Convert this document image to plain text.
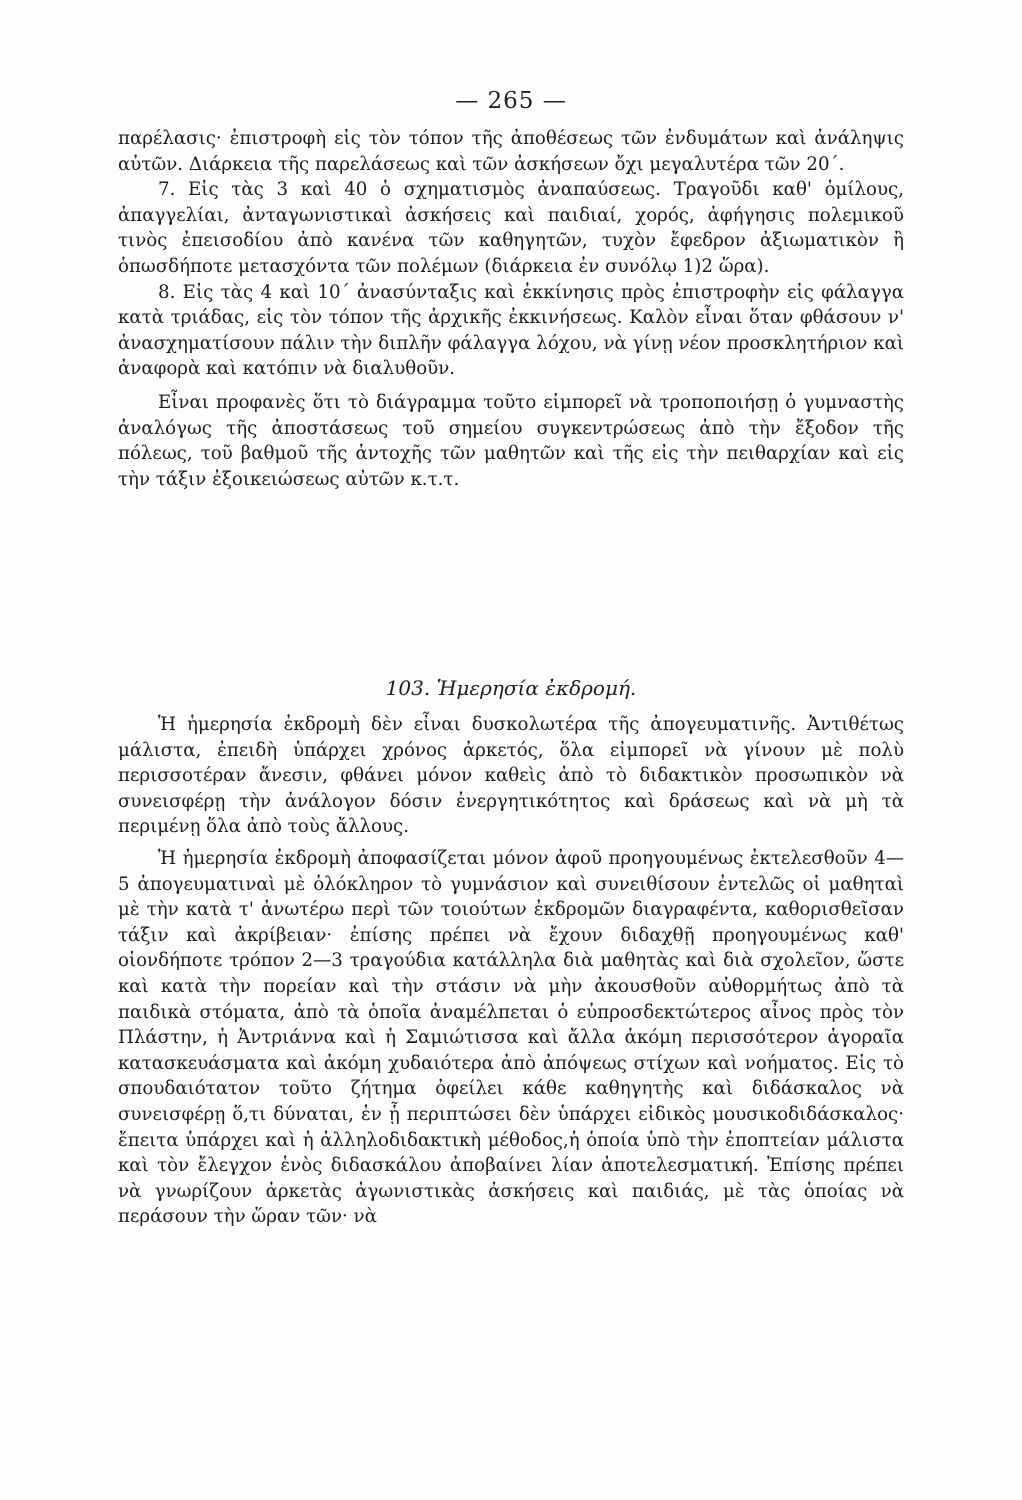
— 265 —

παρέλασις· ἐπιστροφὴ εἰς τὸν τόπον τῆς ἀποθέσεως τῶν ἐνδυμάτων καὶ ἀνάληψις αὐτῶν. Διάρκεια τῆς παρελάσεως καὶ τῶν ἀσκήσεων ὄχι μεγαλυτέρα τῶν 20΄.

7. Εἰς τὰς 3 καὶ 40 ὁ σχηματισμὸς ἀναπαύσεως. Τραγοῦδι καθ' ὁμίλους, ἀπαγγελίαι, ἀνταγωνιστικαὶ ἀσκήσεις καὶ παιδιαί, χορός, ἀφήγησις πολεμικοῦ τινὸς ἐπεισοδίου ἀπὸ κανένα τῶν καθηγητῶν, τυχὸν ἔφεδρον ἀξιωματικὸν ἢ ὁπωσδήποτε μετασχόντα τῶν πολέμων (διάρκεια ἐν συνόλῳ 1)2 ὥρα).

8. Εἰς τὰς 4 καὶ 10΄ ἀνασύνταξις καὶ ἐκκίνησις πρὸς ἐπιστροφὴν εἰς φάλαγγα κατὰ τριάδας, εἰς τὸν τόπον τῆς ἀρχικῆς ἐκκινήσεως. Καλὸν εἶναι ὅταν φθάσουν ν' ἀνασχηματίσουν πάλιν τὴν διπλῆν φάλαγγα λόχου, νὰ γίνῃ νέον προσκλητήριον καὶ ἀναφορὰ καὶ κατόπιν νὰ διαλυθοῦν.

Εἶναι προφανὲς ὅτι τὸ διάγραμμα τοῦτο εἰμπορεῖ νὰ τροποποιήσῃ ὁ γυμναστὴς ἀναλόγως τῆς ἀποστάσεως τοῦ σημείου συγκεντρώσεως ἀπὸ τὴν ἔξοδον τῆς πόλεως, τοῦ βαθμοῦ τῆς ἀντοχῆς τῶν μαθητῶν καὶ τῆς εἰς τὴν πειθαρχίαν καὶ εἰς τὴν τάξιν ἐξοικειώσεως αὐτῶν κ.τ.τ.

103. Ἡμερησία ἐκδρομή.

Ἡ ἡμερησία ἐκδρομὴ δὲν εἶναι δυσκολωτέρα τῆς ἀπογευματινῆς. Ἀντιθέτως μάλιστα, ἐπειδὴ ὑπάρχει χρόνος ἀρκετός, ὅλα εἰμπορεῖ νὰ γίνουν μὲ πολὺ περισσοτέραν ἄνεσιν, φθάνει μόνον καθεὶς ἀπὸ τὸ διδακτικὸν προσωπικὸν νὰ συνεισφέρῃ τὴν ἀνάλογον δόσιν ἐνεργητικότητος καὶ δράσεως καὶ νὰ μὴ τὰ περιμένῃ ὅλα ἀπὸ τοὺς ἄλλους.

Ἡ ἡμερησία ἐκδρομὴ ἀποφασίζεται μόνον ἀφοῦ προηγουμένως ἐκτελεσθοῦν 4—5 ἀπογευματιναὶ μὲ ὁλόκληρον τὸ γυμνάσιον καὶ συνειθίσουν ἐντελῶς οἱ μαθηταὶ μὲ τὴν κατὰ τ' ἀνωτέρω περὶ τῶν τοιούτων ἐκδρομῶν διαγραφέντα, καθορισθεῖσαν τάξιν καὶ ἀκρίβειαν· ἐπίσης πρέπει νὰ ἔχουν διδαχθῇ προηγουμένως καθ' οἱονδήποτε τρόπον 2—3 τραγούδια κατάλληλα διὰ μαθητὰς καὶ διὰ σχολεῖον, ὥστε καὶ κατὰ τὴν πορείαν καὶ τὴν στάσιν νὰ μὴν ἀκουσθοῦν αὐθορμήτως ἀπὸ τὰ παιδικὰ στόματα, ἀπὸ τὰ ὁποῖα ἀναμέλπεται ὁ εὐπροσδεκτώτερος αἶνος πρὸς τὸν Πλάστην, ἡ Ἀντριάννα καὶ ἡ Σαμιώτισσα καὶ ἄλλα ἀκόμη περισσότερον ἀγοραῖα κατασκευάσματα καὶ ἀκόμη χυδαιότερα ἀπὸ ἀπόψεως στίχων καὶ νοήματος. Εἰς τὸ σπουδαιότατον τοῦτο ζήτημα ὀφείλει κάθε καθηγητὴς καὶ διδάσκαλος νὰ συνεισφέρῃ ὅ,τι δύναται, ἐν ᾗ περιπτώσει δὲν ὑπάρχει εἰδικὸς μουσικοδιδάσκαλος· ἔπειτα ὑπάρχει καὶ ἡ ἀλληλοδιδακτικὴ μέθοδος,ἡ ὁποία ὑπὸ τὴν ἐποπτείαν μάλιστα καὶ τὸν ἔλεγχον ἑνὸς διδασκάλου ἀποβαίνει λίαν ἀποτελεσματική. Ἐπίσης πρέπει νὰ γνωρίζουν ἀρκετὰς ἀγωνιστικὰς ἀσκήσεις καὶ παιδιάς, μὲ τὰς ὁποίας νὰ περάσουν τὴν ὥραν τῶν· νὰ
